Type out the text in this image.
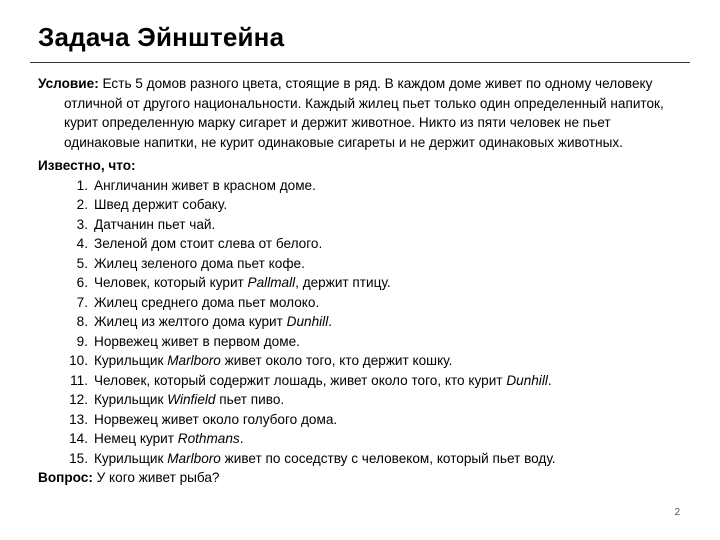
Задача Эйнштейна

Условие: Есть 5 домов разного цвета, стоящие в ряд. В каждом доме живет по одному человеку отличной от другого национальности. Каждый жилец пьет только один определенный напиток, курит определенную марку сигарет и держит животное. Никто из пяти человек не пьет одинаковые напитки, не курит одинаковые сигареты и не держит одинаковых животных.

Известно, что:

1. Англичанин живет в красном доме.
2. Швед держит собаку.
3. Датчанин пьет чай.
4. Зеленой дом стоит слева от белого.
5. Жилец зеленого дома пьет кофе.
6. Человек, который курит Pallmall, держит птицу.
7. Жилец среднего дома пьет молоко.
8. Жилец из желтого дома курит Dunhill.
9. Норвежец живет в первом доме.
10. Курильщик Marlboro живет около того, кто держит кошку.
11. Человек, который содержит лошадь, живет около того, кто курит Dunhill.
12. Курильщик Winfield пьет пиво.
13. Норвежец живет около голубого дома.
14. Немец курит Rothmans.
15. Курильщик Marlboro живет по соседству с человеком, который пьет воду.

Вопрос: У кого живет рыба?

2
